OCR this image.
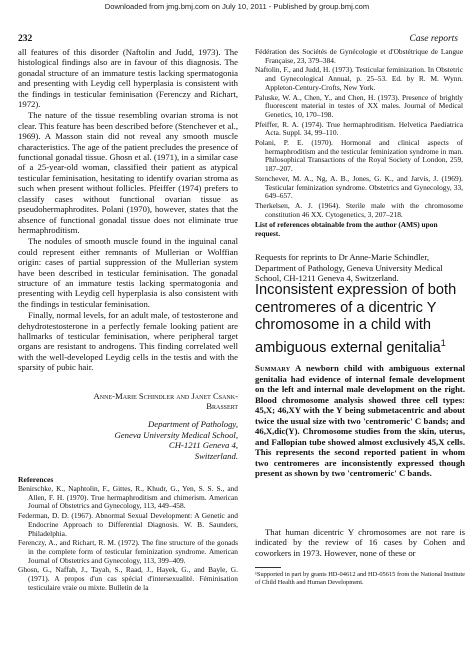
Downloaded from jmg.bmj.com on July 10, 2011 - Published by group.bmj.com
232	Case reports

all features of this disorder (Naftolin and Judd, 1973). The histological findings also are in favour of this diagnosis. The gonadal structure of an immature testis lacking spermatogonia and presenting with Leydig cell hyperplasia is consistent with the findings in testicular feminisation (Ferenczy and Richart, 1972).

The nature of the tissue resembling ovarian stroma is not clear. This feature has been described before (Stenchever et al., 1969). A Masson stain did not reveal any smooth muscle characteristics. The age of the patient precludes the presence of functional gonadal tissue. Ghosn et al. (1971), in a similar case of a 25-year-old woman, classified their patient as atypical testicular feminisation, hesitating to identify ovarian stroma as such when present without follicles. Pfeiffer (1974) prefers to classify cases without functional ovarian tissue as pseudohermaphrodites. Polani (1970), however, states that the absence of functional gonadal tissue does not eliminate true hermaphroditism.

The nodules of smooth muscle found in the inguinal canal could represent either remnants of Mullerian or Wolffian origin: cases of partial suppression of the Mullerian system have been described in testicular feminisation. The gonadal structure of an immature testis lacking spermatogonia and presenting with Leydig cell hyperplasia is also consistent with the findings in testicular feminisation.

Finally, normal levels, for an adult male, of testosterone and dehydrotestosterone in a perfectly female looking patient are hallmarks of testicular feminisation, where peripheral target organs are resistant to androgens. This finding correlated well with the well-developed Leydig cells in the testis and with the sparsity of pubic hair.

Anne-Marie Schindler and Janet Csank-Brassert
Department of Pathology,
Geneva University Medical School,
CH-1211 Geneva 4,
Switzerland.
References
Benirschke, K., Naphtolin, F., Gittes, R., Khudr, G., Yen, S. S. S., and Allen, F. H. (1970). True hermaphroditism and chimerism. American Journal of Obstetrics and Gynecology, 113, 449–458.
Federman, D. D. (1967). Abnormal Sexual Development: A Genetic and Endocrine Approach to Differential Diagnosis. W. B. Saunders, Philadelphia.
Ferenczy, A., and Richart, R. M. (1972). The fine structure of the gonads in the complete form of testicular feminization syndrome. American Journal of Obstetrics and Gynecology, 113, 399–409.
Ghosn, G., Naffah, J., Tayah, S., Raad, J., Hayek, G., and Bayle, G. (1971). A propos d'un cas spécial d'intersexualité. Féminisation testiculaire vraie ou mixte. Bulletin de la
Fédération des Sociétés de Gynécologie et d'Obstétrique de Langue Française, 23, 379–384.
Naftolin, F., and Judd, H. (1973). Testicular feminization. In Obstetric and Gynecological Annual, p. 25–53. Ed. by R. M. Wynn. Appleton-Century-Crofts, New York.
Paluske, W. A., Chen, Y., and Chen, H. (1973). Presence of brightly fluorescent material in testes of XX males. Journal of Medical Genetics, 10, 170–198.
Pfeiffer, R. A. (1974). True hermaphroditism. Helvetica Paediatrica Acta. Suppl. 34, 99–110.
Polani, P. E. (1970). Hormonal and clinical aspects of hermaphroditism and the testicular feminization syndrome in man. Philosophical Transactions of the Royal Society of London, 259, 187–207.
Stenchever, M. A., Ng, A. B., Jones, G. K., and Jarvis, J. (1969). Testicular feminization syndrome. Obstetrics and Gynecology, 33, 649–657.
Therkelsen, A. J. (1964). Sterile male with the chromosome constitution 46 XX. Cytogenetics, 3, 207–218.
List of references obtainable from the author (AMS) upon request.
Requests for reprints to Dr Anne-Marie Schindler, Department of Pathology, Geneva University Medical School, CH-1211 Geneva 4, Switzerland.
Inconsistent expression of both centromeres of a dicentric Y chromosome in a child with ambiguous external genitalia$^1$
Summary A newborn child with ambiguous external genitalia had evidence of internal female development on the left and internal male development on the right. Blood chromosome analysis showed three cell types: 45,X; 46,XY with the Y being submetacentric and about twice the usual size with two 'centromeric' C bands; and 46,X,dic(Y). Chromosome studies from the skin, uterus, and Fallopian tube showed almost exclusively 45,X cells. This represents the second reported patient in whom two centromeres are inconsistently expressed though present as shown by two 'centromeric' C bands.
That human dicentric Y chromosomes are not rare is indicated by the review of 16 cases by Cohen and coworkers in 1973. However, none of these or
¹Supported in part by grants HD-04612 and HD-05615 from the National Institute of Child Health and Human Development.
